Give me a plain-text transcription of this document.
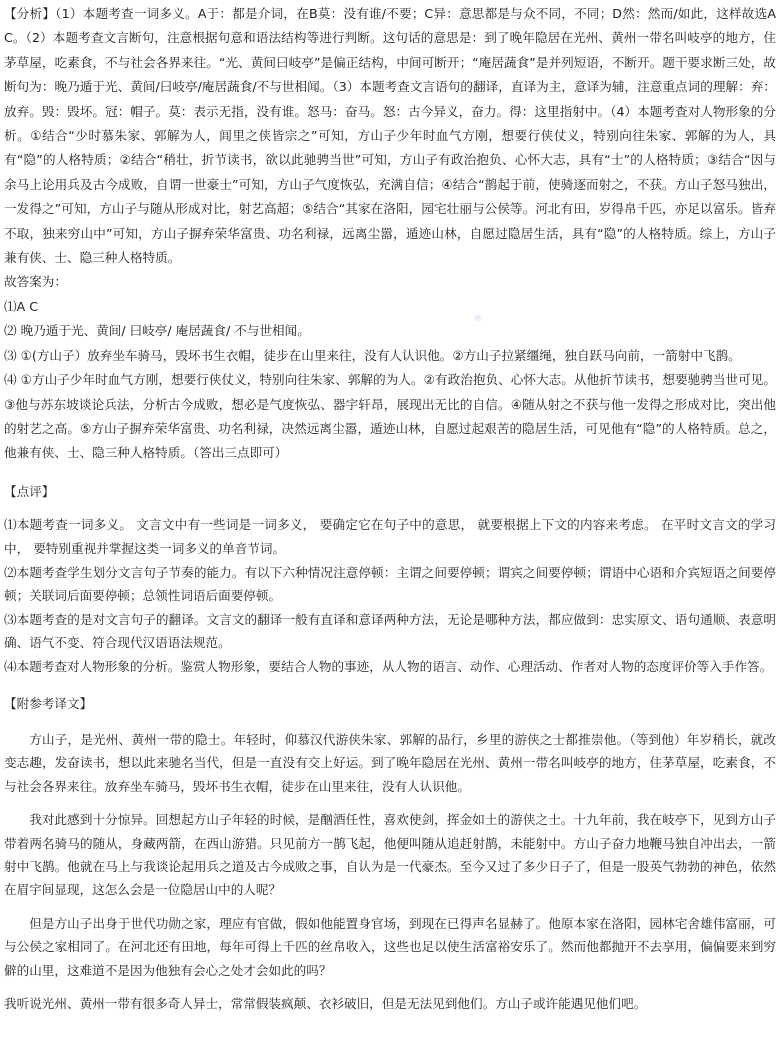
.

【分析】（1）本题考查一词多义。A于：都是介词，在B莫：没有谁/不要；C异：意思都是与众不同，不同；D然：然而/如此，这样故选AC。（2）本题考查文言断句，注意根据句意和语法结构等进行判断。这句话的意思是：到了晚年隐居在光州、黄州一带名叫岐亭的地方，住茅草屋，吃素食，不与社会各界来往。“光、黄间曰岐亭”是偏正结构，中间可断开；“庵居蔬食”是并列短语，不断开。题干要求断三处，故断句为：晚乃遁于光、黄间/曰岐亭/庵居蔬食/不与世相闻。（3）本题考查文言语句的翻译，直译为主，意译为辅，注意重点词的理解：弃：放弃。毁：毁坏。冠：帽子。莫：表示无指，没有谁。怒马：奋马。怒：古今异义，奋力。得：这里指射中。（4）本题考查对人物形象的分析。①结合“少时慕朱家、郭解为人，闾里之侠皆宗之”可知，方山子少年时血气方刚，想要行侠仗义，特别向往朱家、郭解的为人，具有“隐”的人格特质；②结合“稍壮，折节读书，欲以此驰骋当世”可知，方山子有政治抱负、心怀大志，具有“士”的人格特质；③结合“因与余马上论用兵及古今成败，自谓一世豪士”可知，方山子气度恢弘，充满自信；④结合“鹊起于前，使骑逐而射之，不获。方山子怒马独出，一发得之”可知，方山子与随从形成对比，射艺高超；⑤结合“其家在洛阳，园宅壮丽与公侯等。河北有田，岁得帛千匹，亦足以富乐。皆弃不取，独来穷山中”可知，方山子摒弃荣华富贵、功名利禄，远离尘嚣，遁迹山林，自愿过隐居生活，具有“隐”的人格特质。综上，方山子兼有侠、士、隐三种人格特质。

故答案为：

⑴A C

⑵ 晚乃遁于光、黄间/ 曰岐亭/ 庵居蔬食/ 不与世相闻。

⑶ ①(方山子）放弃坐车骑马，毁坏书生衣帽，徒步在山里来往，没有人认识他。②方山子拉紧缰绳，独自跃马向前，一箭射中飞鹊。

⑷ ①方山子少年时血气方刚，想要行侠仗义，特别向往朱家、郭解的为人。②有政治抱负、心怀大志。从他折节读书，想要驰骋当世可见。③他与苏东坡谈论兵法，分析古今成败，想必是气度恢弘、器宇轩昂，展现出无比的自信。④随从射之不获与他一发得之形成对比，突出他的射艺之高。⑤方山子摒弃荣华富贵、功名利禄，决然远离尘嚣，遁迹山林，自愿过起艰苦的隐居生活，可见他有“隐”的人格特质。总之，他兼有侠、士、隐三种人格特质。（答出三点即可）

【点评】

⑴本题考查一词多义。 文言文中有一些词是一词多义， 要确定它在句子中的意思， 就要根据上下文的内容来考虑。 在平时文言文的学习中， 要特别重视并掌握这类一词多义的单音节词。

⑵本题考查学生划分文言句子节奏的能力。有以下六种情况注意停顿：主谓之间要停顿；谓宾之间要停顿；谓语中心语和介宾短语之间要停顿；关联词后面要停顿；总领性词语后面要停顿。

⑶本题考查的是对文言句子的翻译。文言文的翻译一般有直译和意译两种方法，无论是哪种方法，都应做到：忠实原文、语句通顺、表意明确、语气不变、符合现代汉语语法规范。

⑷本题考查对人物形象的分析。鉴赏人物形象，要结合人物的事迹，从人物的语言、动作、心理活动、作者对人物的态度评价等入手作答。

【附参考译文】

方山子，是光州、黄州一带的隐士。年轻时，仰慕汉代游侠朱家、郭解的品行，乡里的游侠之士都推崇他。（等到他）年岁稍长，就改变志趣，发奋读书，想以此来驰名当代，但是一直没有交上好运。到了晚年隐居在光州、黄州一带名叫岐亭的地方，住茅草屋，吃素食，不与社会各界来往。放弃坐车骑马，毁坏书生衣帽，徒步在山里来往，没有人认识他。

我对此感到十分惊异。回想起方山子年轻的时候，是酗酒任性，喜欢使剑，挥金如土的游侠之士。十九年前，我在岐亭下，见到方山子带着两名骑马的随从，身藏两箭，在西山游猎。只见前方一鹊飞起，他便叫随从追赶射鹊，未能射中。方山子奋力地鞭马独自冲出去，一箭射中飞鹊。他就在马上与我谈论起用兵之道及古今成败之事，自认为是一代豪杰。至今又过了多少日子了，但是一股英气勃勃的神色，依然在眉宇间显现，这怎么会是一位隐居山中的人呢？

但是方山子出身于世代功勋之家，理应有官做，假如他能置身官场，到现在已得声名显赫了。他原本家在洛阳，园林宅舍雄伟富丽，可与公侯之家相同了。在河北还有田地，每年可得上千匹的丝帛收入，这些也足以使生活富裕安乐了。然而他都抛开不去享用，偏偏要来到穷僻的山里，这难道不是因为他独有会心之处才会如此的吗？

我听说光州、黄州一带有很多奇人异士，常常假装疯颠、衣衫破旧，但是无法见到他们。方山子或许能遇见他们吧。
